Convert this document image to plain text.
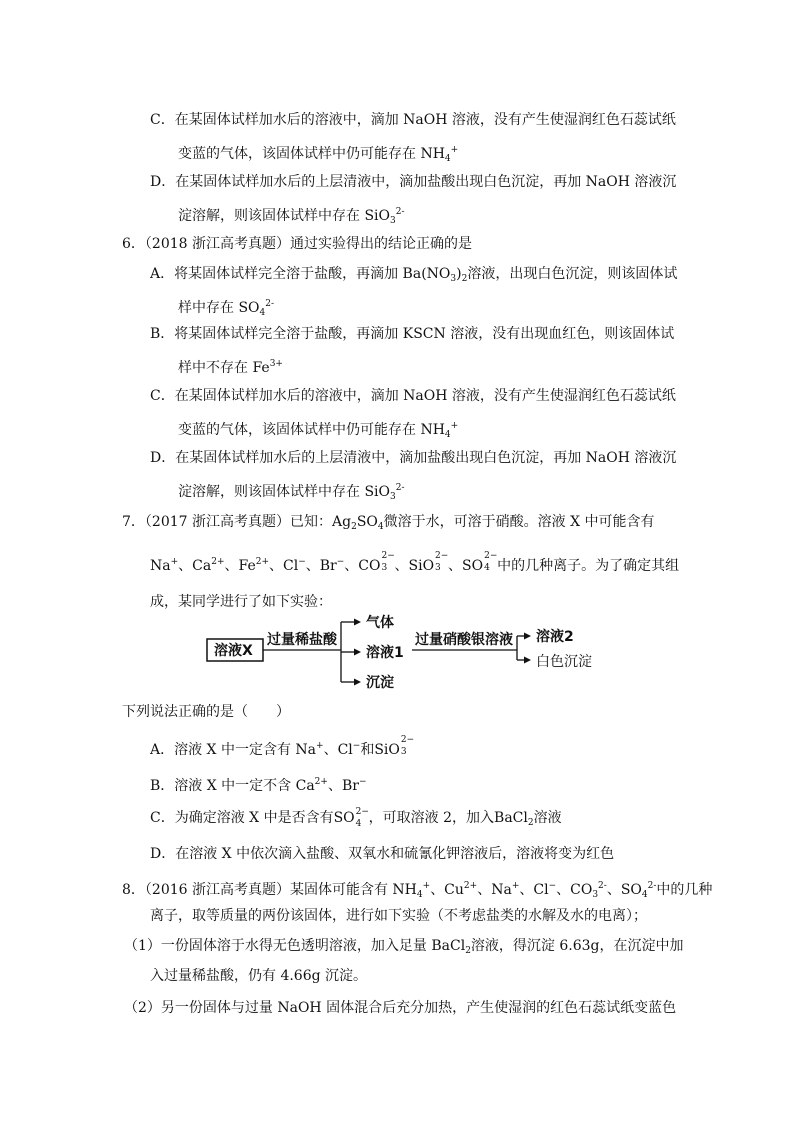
C．在某固体试样加水后的溶液中，滴加 NaOH 溶液，没有产生使湿润红色石蕊试纸
变蓝的气体，该固体试样中仍可能存在 $NH_4^+$
D．在某固体试样加水后的上层清液中，滴加盐酸出现白色沉淀，再加 NaOH 溶液沉
淀溶解，则该固体试样中存在 SiO$_3^{2-}$
6．（2018 浙江高考真题）通过实验得出的结论正确的是
A．将某固体试样完全溶于盐酸，再滴加 $Ba(NO_3)_2$溶液，出现白色沉淀，则该固体试
样中存在 $SO_4^{2-}$
B．将某固体试样完全溶于盐酸，再滴加 KSCN 溶液，没有出现血红色，则该固体试
样中不存在 $Fe^{3+}$
C．在某固体试样加水后的溶液中，滴加 NaOH 溶液，没有产生使湿润红色石蕊试纸
变蓝的气体，该固体试样中仍可能存在 $NH_4^+$
D．在某固体试样加水后的上层清液中，滴加盐酸出现白色沉淀，再加 NaOH 溶液沉
淀溶解，则该固体试样中存在 SiO$_3^{2-}$
7．（2017 浙江高考真题）已知：$Ag_2SO_4$微溶于水，可溶于硝酸。溶液 X 中可能含有
Na+、$Ca^{2+}$、$Fe^{2+}$、Cl−、Br−、CO
2−
3 、SiO
2−
3 、SO
2−
4 中的几种离子。为了确定其组
成，某同学进行了如下实验：
溶液X
过量稀盐酸
气体
溶液1
沉淀
过量硝酸银溶液 溶液2
白色沉淀
下列说法正确的是（　　）
A．溶液 X 中一定含有 Na+、Cl−和SiO
2−
3
B．溶液 X 中一定不含 $Ca^{2+}$、Br−
C．为确定溶液 X 中是否含有SO 2−
4 ，可取溶液 2，加入BaCl$_2$溶液
D．在溶液 X 中依次滴入盐酸、双氧水和硫氰化钾溶液后，溶液将变为红色
8．（2016 浙江高考真题）某固体可能含有 $NH_4^+$、$Cu^{2+}$、Na+、Cl−、$CO_3^{2-}$、$SO_4^{2-}$中的几种
离子，取等质量的两份该固体，进行如下实验（不考虑盐类的水解及水的电离）；
（1）一份固体溶于水得无色透明溶液，加入足量 BaCl$_2$溶液，得沉淀 6.63g，在沉淀中加
入过量稀盐酸，仍有 4.66g 沉淀。
（2）另一份固体与过量 NaOH 固体混合后充分加热，产生使湿润的红色石蕊试纸变蓝色
